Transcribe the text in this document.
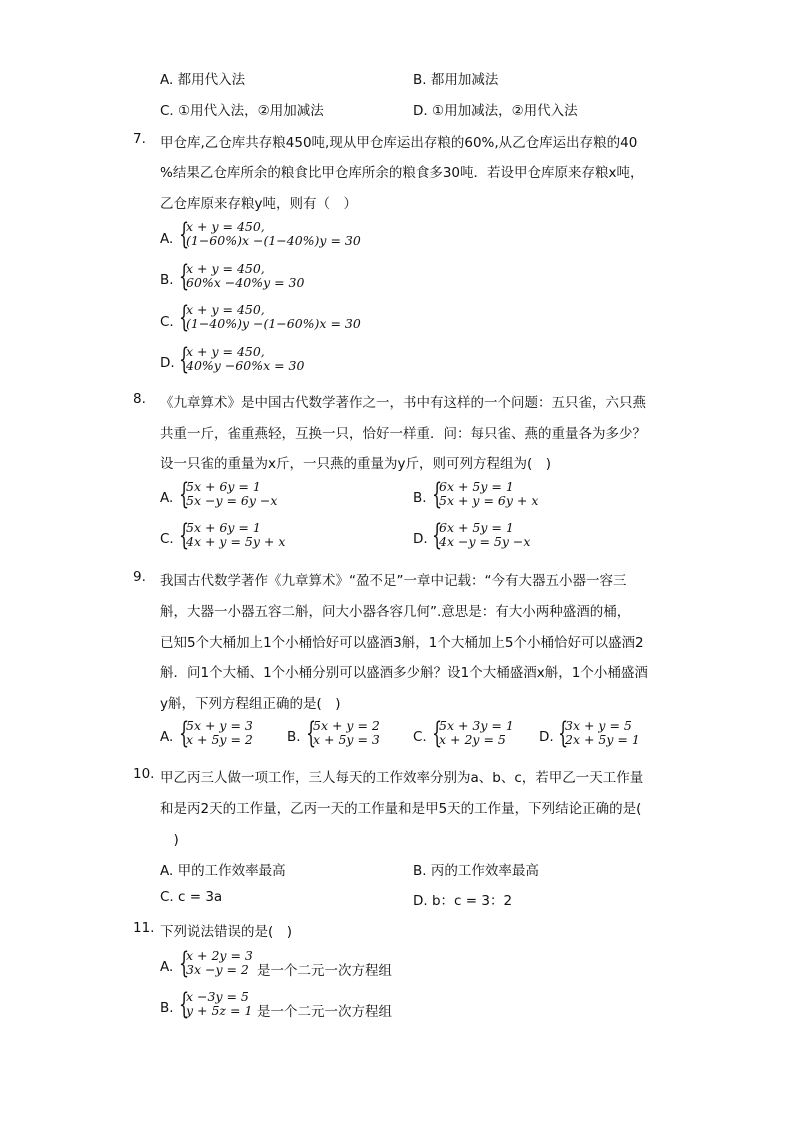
A. 都用代入法	B. 都用加减法
C. ①用代入法，②用加减法	D. ①用加减法，②用代入法
7. 甲仓库,乙仓库共存粮450吨,现从甲仓库运出存粮的60%,从乙仓库运出存粮的40
%结果乙仓库所余的粮食比甲仓库所余的粮食多30吨．若设甲仓库原来存粮x吨，
乙仓库原来存粮y吨，则有（　）
A. {
x + y = 450,
(1−60%)x −(1−40%)y = 30
B. {
x + y = 450,
60%x −40%y = 30
C. {
x + y = 450,
(1−40%)y −(1−60%)x = 30
D. {
x + y = 450,
40%y −60%x = 30
8. 《九章算术》是中国古代数学著作之一，书中有这样的一个问题：五只雀，六只燕
共重一斤，雀重燕轻，互换一只，恰好一样重．问：每只雀、燕的重量各为多少？
设一只雀的重量为x斤，一只燕的重量为y斤，则可列方程组为(　)
A. {
5x + 6y = 1
5x −y = 6y −x	B. {
6x + 5y = 1
5x + y = 6y + x
C. {
5x + 6y = 1
4x + y = 5y + x	D. {
6x + 5y = 1
4x −y = 5y −x
9. 我国古代数学著作《九章算术》“盈不足”一章中记载：“今有大器五小器一容三
斛，大器一小器五容二斛，问大小器各容几何”.意思是：有大小两种盛酒的桶，
已知5个大桶加上1个小桶恰好可以盛酒3斛，1个大桶加上5个小桶恰好可以盛酒2
斛．问1个大桶、1个小桶分别可以盛酒多少斛？设1个大桶盛酒x斛，1个小桶盛酒
y斛，下列方程组正确的是(　)
A. {
5x + y = 3
x + 5y = 2	B. {
5x + y = 2
x + 5y = 3 C. {
5x + 3y = 1
x + 2y = 5 D. {
3x + y = 5
2x + 5y = 1
10. 甲乙丙三人做一项工作，三人每天的工作效率分别为a、b、c，若甲乙一天工作量
和是丙2天的工作量，乙丙一天的工作量和是甲5天的工作量，下列结论正确的是(
　)
A. 甲的工作效率最高	B. 丙的工作效率最高
C. c = 3a	D. b：c = 3：2
11. 下列说法错误的是(　)
A. {
x + 2y = 3
3x −y = 2 是一个二元一次方程组
B. {
x −3y = 5
y + 5z = 1 是一个二元一次方程组
